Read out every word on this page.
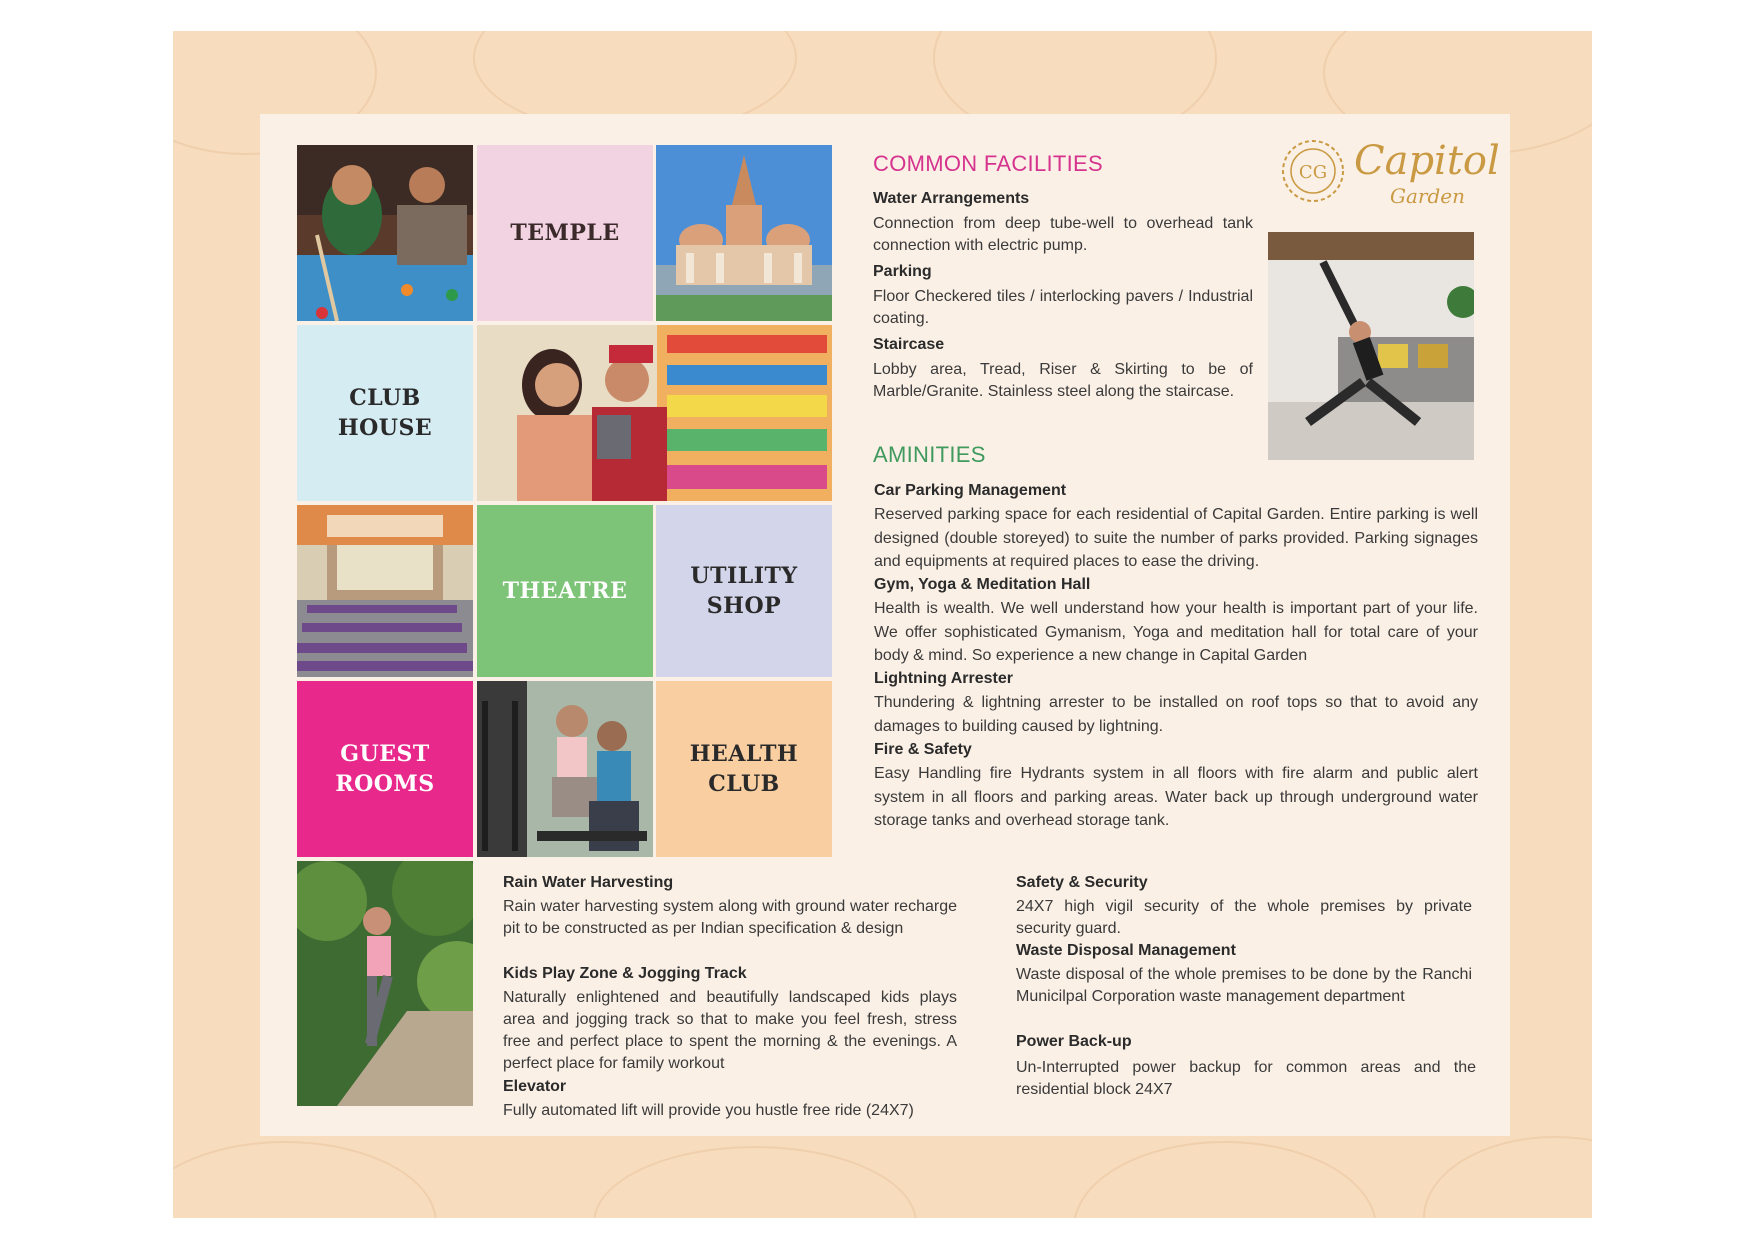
TEMPLE
CLUB
HOUSE
THEATRE
UTILITY
SHOP
GUEST
ROOMS
HEALTH
CLUB
COMMON FACILITIES
Water Arrangements
Connection from deep tube-well to overhead tank connection with electric pump.
Parking
Floor Checkered tiles / interlocking pavers / Industrial coating.
Staircase
Lobby area, Tread, Riser & Skirting to be of Marble/Granite. Stainless steel along the staircase.
CG Capitol
Garden
AMINITIES
Car Parking Management
Reserved parking space for each residential of Capital Garden. Entire parking is well designed (double storeyed) to suite the number of parks provided. Parking signages and equipments at required places to ease the driving.
Gym, Yoga & Meditation Hall
Health is wealth. We well understand how your health is important part of your life. We offer sophisticated Gymanism, Yoga and meditation hall for total care of your body & mind. So experience a new change in Capital Garden
Lightning Arrester
Thundering & lightning arrester to be installed on roof tops so that to avoid any damages to building caused by lightning.
Fire & Safety
Easy Handling fire Hydrants system in all floors with fire alarm and public alert system in all floors and parking areas. Water back up through underground water storage tanks and overhead storage tank.
Rain Water Harvesting
Rain water harvesting system along with ground water recharge pit to be constructed as per Indian specification & design
Kids Play Zone & Jogging Track
Naturally enlightened and beautifully landscaped kids plays area and jogging track so that to make you feel fresh, stress free and perfect place to spent the morning & the evenings. A perfect place for family workout
Elevator
Fully automated lift will provide you hustle free ride (24X7)
Safety & Security
24X7 high vigil security of the whole premises by private security guard.
Waste Disposal Management
Waste disposal of the whole premises to be done by the Ranchi Municilpal Corporation waste management department
Power Back-up
Un-Interrupted power backup for common areas and the residential block 24X7
